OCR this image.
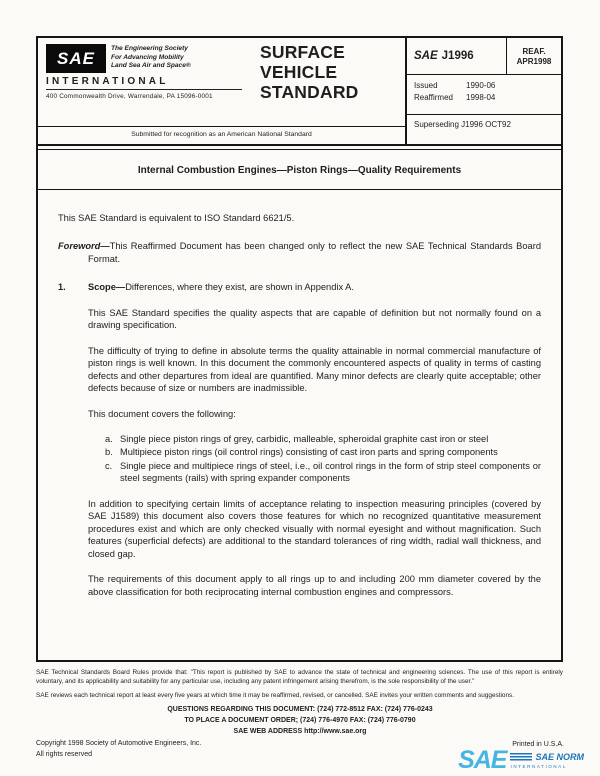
SAE	The Engineering Society
For Advancing Mobility
Land Sea Air and Space®
INTERNATIONAL
400 Commonwealth Drive, Warrendale, PA 15096-0001
SURFACE
VEHICLE
STANDARD
Submitted for recognition as an American National Standard
SAE J1996	REAF.
APR1998
Issued	1990-06
Reaffirmed 1998-04
Superseding J1996 OCT92
Internal Combustion Engines—Piston Rings—Quality Requirements

This SAE Standard is equivalent to ISO Standard 6621/5.

Foreword—This Reaffirmed Document has been changed only to reflect the new SAE Technical Standards Board Format.

1. Scope—Differences, where they exist, are shown in Appendix A.

This SAE Standard specifies the quality aspects that are capable of definition but not normally found on a drawing specification.

The difficulty of trying to define in absolute terms the quality attainable in normal commercial manufacture of piston rings is well known. In this document the commonly encountered aspects of quality in terms of casting defects and other departures from ideal are quantified. Many minor defects are clearly quite acceptable; other defects because of size or numbers are inadmissible.

This document covers the following:

a. Single piece piston rings of grey, carbidic, malleable, spheroidal graphite cast iron or steel
b. Multipiece piston rings (oil control rings) consisting of cast iron parts and spring components
c. Single piece and multipiece rings of steel, i.e., oil control rings in the form of strip steel components or steel segments (rails) with spring expander components

In addition to specifying certain limits of acceptance relating to inspection measuring principles (covered by SAE J1589) this document also covers those features for which no recognized quantitative measurement procedures exist and which are only checked visually with normal eyesight and without magnification. Such features (superficial defects) are additional to the standard tolerances of ring width, radial wall thickness, and closed gap.

The requirements of this document apply to all rings up to and including 200 mm diameter covered by the above classification for both reciprocating internal combustion engines and compressors.

SAE Technical Standards Board Rules provide that: "This report is published by SAE to advance the state of technical and engineering sciences. The use of this report is entirely voluntary, and its applicability and suitability for any particular use, including any patent infringement arising therefrom, is the sole responsibility of the user."

SAE reviews each technical report at least every five years at which time it may be reaffirmed, revised, or cancelled. SAE invites your written comments and suggestions.

QUESTIONS REGARDING THIS DOCUMENT: (724) 772-8512 FAX: (724) 776-0243
TO PLACE A DOCUMENT ORDER; (724) 776-4970 FAX: (724) 776-0790
SAE WEB ADDRESS http://www.sae.org
Copyright 1998 Society of Automotive Engineers, Inc.
All rights reserved
Printed in U.S.A.
SAE	SAE NORM
INTERNATIONAL
